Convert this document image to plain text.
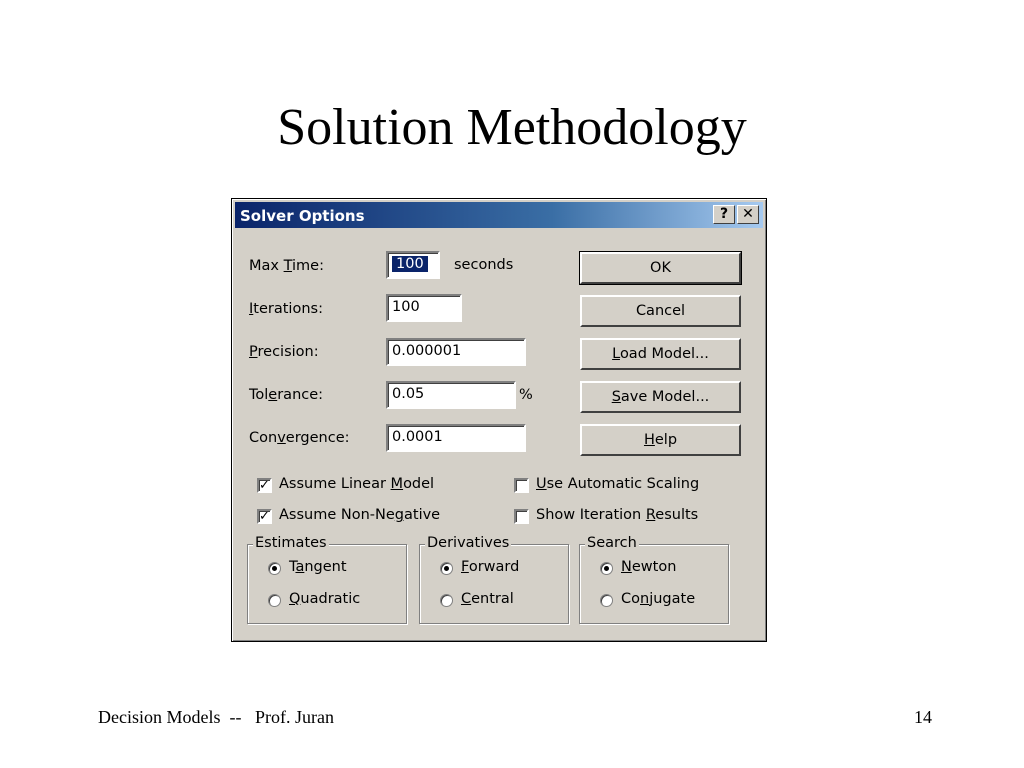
Solution Methodology
Solver Options	?	✕
Max Time:	100	seconds
Iterations:	100
Precision:	0.000001
Tolerance:	0.05	%
Convergence:	0.0001
OK
Cancel
Load Model...
Save Model...
Help
✓ Assume Linear Model
✓ Assume Non-Negative
Use Automatic Scaling
Show Iteration Results
Estimates
Tangent
Quadratic
Derivatives
Forward
Central
Search
Newton
Conjugate
Decision Models  --   Prof. Juran	14
